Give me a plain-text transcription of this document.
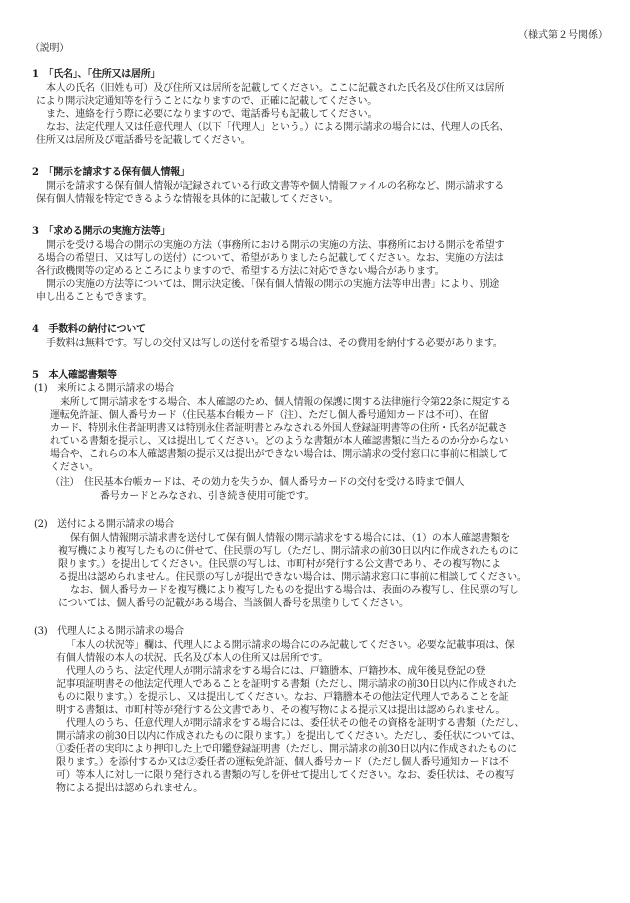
（様式第２号関係）
（説明）
1　「氏名」、「住所又は居所」
本人の氏名（旧姓も可）及び住所又は居所を記載してください。ここに記載された氏名及び住所又は居所
により開示決定通知等を行うことになりますので、正確に記載してください。
また、連絡を行う際に必要になりますので、電話番号も記載してください。
なお、法定代理人又は任意代理人（以下「代理人」という。）による開示請求の場合には、代理人の氏名、
住所又は居所及び電話番号を記載してください。
2　「開示を請求する保有個人情報」
開示を請求する保有個人情報が記録されている行政文書等や個人情報ファイルの名称など、開示請求する
保有個人情報を特定できるような情報を具体的に記載してください。
3　「求める開示の実施方法等」
開示を受ける場合の開示の実施の方法（事務所における開示の実施の方法、事務所における開示を希望す
る場合の希望日、又は写しの送付）について、希望がありましたら記載してください。なお、実施の方法は
各行政機関等の定めるところによりますので、希望する方法に対応できない場合があります。
開示の実施の方法等については、開示決定後、「保有個人情報の開示の実施方法等申出書」により、別途
申し出ることもできます。
4　手数料の納付について
手数料は無料です。写しの交付又は写しの送付を希望する場合は、その費用を納付する必要があります。
5　本人確認書類等
(1)　来所による開示請求の場合
来所して開示請求をする場合、本人確認のため、個人情報の保護に関する法律施行令第22条に規定する
運転免許証、個人番号カード（住民基本台帳カード（注）、ただし個人番号通知カードは不可）、在留
カード、特別永住者証明書又は特別永住者証明書とみなされる外国人登録証明書等の住所・氏名が記載さ
れている書類を提示し、又は提出してください。どのような書類が本人確認書類に当たるのか分からない
場合や、これらの本人確認書類の提示又は提出ができない場合は、開示請求の受付窓口に事前に相談して
ください。
（注）　住民基本台帳カードは、その効力を失うか、個人番号カードの交付を受ける時まで個人
番号カードとみなされ、引き続き使用可能です。
(2)　送付による開示請求の場合
保有個人情報開示請求書を送付して保有個人情報の開示請求をする場合には、（1）の本人確認書類を
複写機により複写したものに併せて、住民票の写し（ただし、開示請求の前30日以内に作成されたものに
限ります。）を提出してください。住民票の写しは、市町村が発行する公文書であり、その複写物によ
る提出は認められません。住民票の写しが提出できない場合は、開示請求窓口に事前に相談してください。
なお、個人番号カードを複写機により複写したものを提出する場合は、表面のみ複写し、住民票の写し
については、個人番号の記載がある場合、当該個人番号を黒塗りしてください。
(3)　代理人による開示請求の場合
「本人の状況等」欄は、代理人による開示請求の場合にのみ記載してください。必要な記載事項は、保
有個人情報の本人の状況、氏名及び本人の住所又は居所です。
代理人のうち、法定代理人が開示請求をする場合には、戸籍謄本、戸籍抄本、成年後見登記の登
記事項証明書その他法定代理人であることを証明する書類（ただし、開示請求の前30日以内に作成された
ものに限ります。）を提示し、又は提出してください。なお、戸籍謄本その他法定代理人であることを証
明する書類は、市町村等が発行する公文書であり、その複写物による提示又は提出は認められません。
代理人のうち、任意代理人が開示請求をする場合には、委任状その他その資格を証明する書類（ただし、
開示請求の前30日以内に作成されたものに限ります。）を提出してください。ただし、委任状については、
①委任者の実印により押印した上で印鑑登録証明書（ただし、開示請求の前30日以内に作成されたものに
限ります。）を添付するか又は②委任者の運転免許証、個人番号カード（ただし個人番号通知カードは不
可）等本人に対し一に限り発行される書類の写しを併せて提出してください。なお、委任状は、その複写
物による提出は認められません。
